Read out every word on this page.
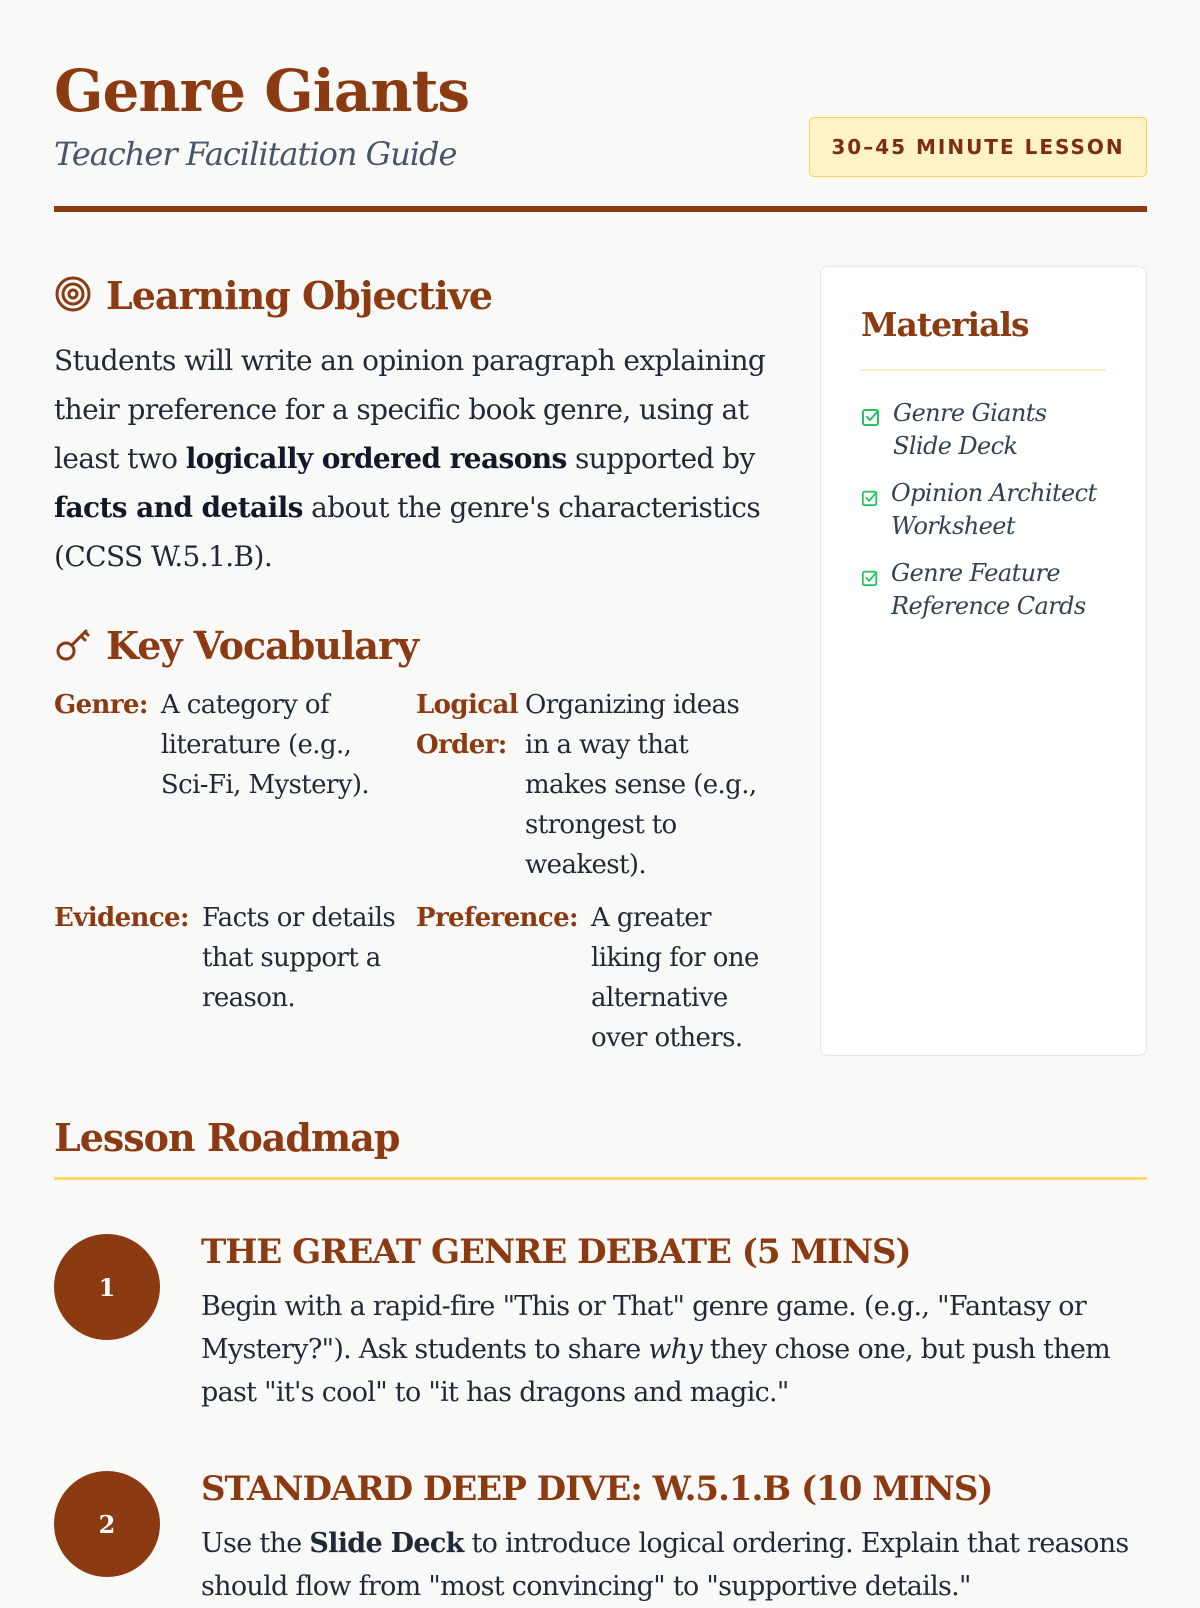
Genre Giants
Teacher Facilitation Guide	30–45 MINUTE LESSON
Learning Objective
Students will write an opinion paragraph explaining their preference for a specific book genre, using at least two logically ordered reasons supported by facts and details about the genre's characteristics (CCSS W.5.1.B).
Key Vocabulary
Genre: A category of literature (e.g., Sci-Fi, Mystery).
Logical Order:
Organizing ideas in a way that makes sense (e.g., strongest to weakest).
Evidence: Facts or details that support a reason.
Preference: A greater liking for one alternative over others.
Materials
Genre Giants Slide Deck
Opinion Architect Worksheet
Genre Feature Reference Cards
Lesson Roadmap
1
THE GREAT GENRE DEBATE (5 MINS)
Begin with a rapid-fire "This or That" genre game. (e.g., "Fantasy or Mystery?"). Ask students to share why they chose one, but push them past "it's cool" to "it has dragons and magic."
2
STANDARD DEEP DIVE: W.5.1.B (10 MINS)
Use the Slide Deck to introduce logical ordering. Explain that reasons should flow from "most convincing" to "supportive details."
